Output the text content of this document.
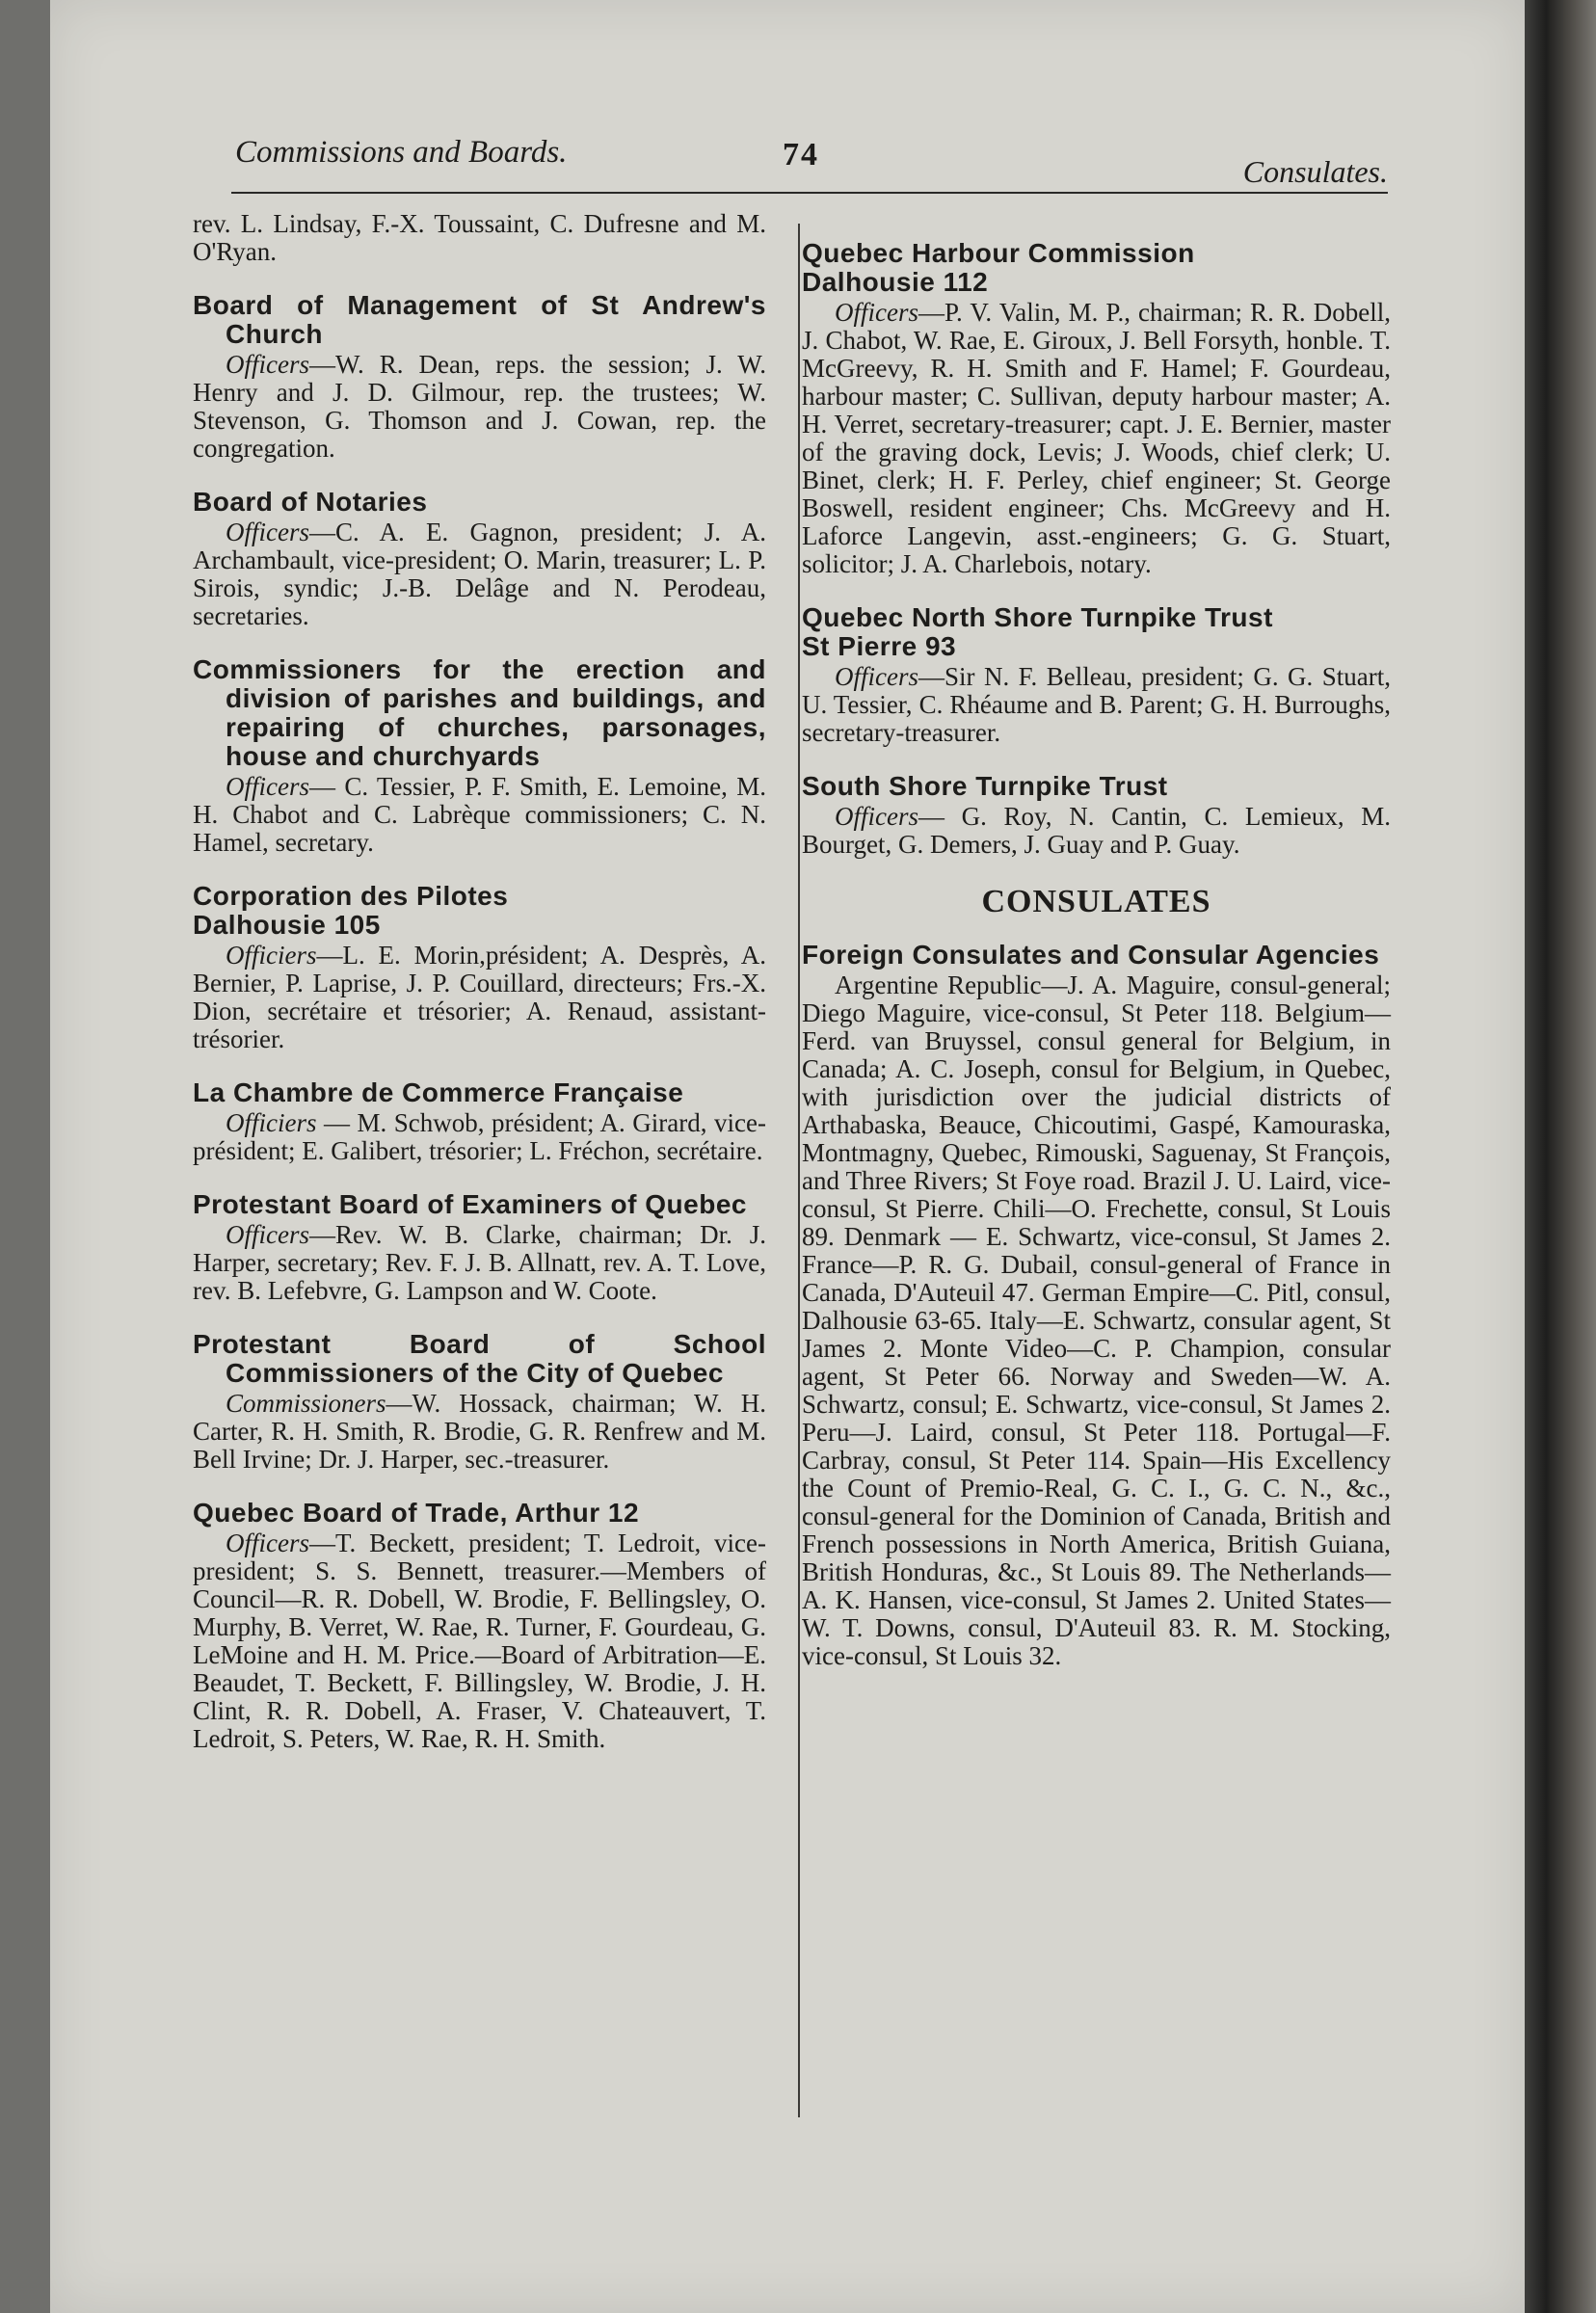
Commissions and Boards.	74	Consulates.
rev. L. Lindsay, F.-X. Toussaint, C. Dufresne and M. O'Ryan.
Board of Management of St Andrew's Church
Officers—W. R. Dean, reps. the session; J. W. Henry and J. D. Gilmour, rep. the trustees; W. Stevenson, G. Thomson and J. Cowan, rep. the congregation.
Board of Notaries
Officers—C. A. E. Gagnon, president; J. A. Archambault, vice-president; O. Marin, treasurer; L. P. Sirois, syndic; J.-B. Delâge and N. Perodeau, secretaries.
Commissioners for the erection and division of parishes and buildings, and repairing of churches, parsonages, house and churchyards
Officers— C. Tessier, P. F. Smith, E. Lemoine, M. H. Chabot and C. Labrèque commissioners; C. N. Hamel, secretary.
Corporation des Pilotes
Dalhousie 105
Officiers—L. E. Morin,président; A. Desprès, A. Bernier, P. Laprise, J. P. Couillard, directeurs; Frs.-X. Dion, secrétaire et trésorier; A. Renaud, assistant-trésorier.
La Chambre de Commerce Française
Officiers — M. Schwob, président; A. Girard, vice-président; E. Galibert, trésorier; L. Fréchon, secrétaire.
Protestant Board of Examiners of Quebec
Officers—Rev. W. B. Clarke, chairman; Dr. J. Harper, secretary; Rev. F. J. B. Allnatt, rev. A. T. Love, rev. B. Lefebvre, G. Lampson and W. Coote.
Protestant Board of School Commissioners of the City of Quebec
Commissioners—W. Hossack, chairman; W. H. Carter, R. H. Smith, R. Brodie, G. R. Renfrew and M. Bell Irvine; Dr. J. Harper, sec.-treasurer.
Quebec Board of Trade, Arthur 12
Officers—T. Beckett, president; T. Ledroit, vice-president; S. S. Bennett, treasurer.—Members of Council—R. R. Dobell, W. Brodie, F. Bellingsley, O. Murphy, B. Verret, W. Rae, R. Turner, F. Gourdeau, G. LeMoine and H. M. Price.—Board of Arbitration—E. Beaudet, T. Beckett, F. Billingsley, W. Brodie, J. H. Clint, R. R. Dobell, A. Fraser, V. Chateauvert, T. Ledroit, S. Peters, W. Rae, R. H. Smith.
Quebec Harbour Commission
Dalhousie 112
Officers—P. V. Valin, M. P., chairman; R. R. Dobell, J. Chabot, W. Rae, E. Giroux, J. Bell Forsyth, honble. T. McGreevy, R. H. Smith and F. Hamel; F. Gourdeau, harbour master; C. Sullivan, deputy harbour master; A. H. Verret, secretary-treasurer; capt. J. E. Bernier, master of the graving dock, Levis; J. Woods, chief clerk; U. Binet, clerk; H. F. Perley, chief engineer; St. George Boswell, resident engineer; Chs. McGreevy and H. Laforce Langevin, asst.-engineers; G. G. Stuart, solicitor; J. A. Charlebois, notary.
Quebec North Shore Turnpike Trust
St Pierre 93
Officers—Sir N. F. Belleau, president; G. G. Stuart, U. Tessier, C. Rhéaume and B. Parent; G. H. Burroughs, secretary-treasurer.
South Shore Turnpike Trust
Officers— G. Roy, N. Cantin, C. Lemieux, M. Bourget, G. Demers, J. Guay and P. Guay.
CONSULATES
Foreign Consulates and Consular Agencies
Argentine Republic—J. A. Maguire, consul-general; Diego Maguire, vice-consul, St Peter 118. Belgium—Ferd. van Bruyssel, consul general for Belgium, in Canada; A. C. Joseph, consul for Belgium, in Quebec, with jurisdiction over the judicial districts of Arthabaska, Beauce, Chicoutimi, Gaspé, Kamouraska, Montmagny, Quebec, Rimouski, Saguenay, St François, and Three Rivers; St Foye road. Brazil J. U. Laird, vice-consul, St Pierre. Chili—O. Frechette, consul, St Louis 89. Denmark — E. Schwartz, vice-consul, St James 2. France—P. R. G. Dubail, consul-general of France in Canada, D'Auteuil 47. German Empire—C. Pitl, consul, Dalhousie 63-65. Italy—E. Schwartz, consular agent, St James 2. Monte Video—C. P. Champion, consular agent, St Peter 66. Norway and Sweden—W. A. Schwartz, consul; E. Schwartz, vice-consul, St James 2. Peru—J. Laird, consul, St Peter 118. Portugal—F. Carbray, consul, St Peter 114. Spain—His Excellency the Count of Premio-Real, G. C. I., G. C. N., &c., consul-general for the Dominion of Canada, British and French possessions in North America, British Guiana, British Honduras, &c., St Louis 89. The Netherlands—A. K. Hansen, vice-consul, St James 2. United States—W. T. Downs, consul, D'Auteuil 83. R. M. Stocking, vice-consul, St Louis 32.
